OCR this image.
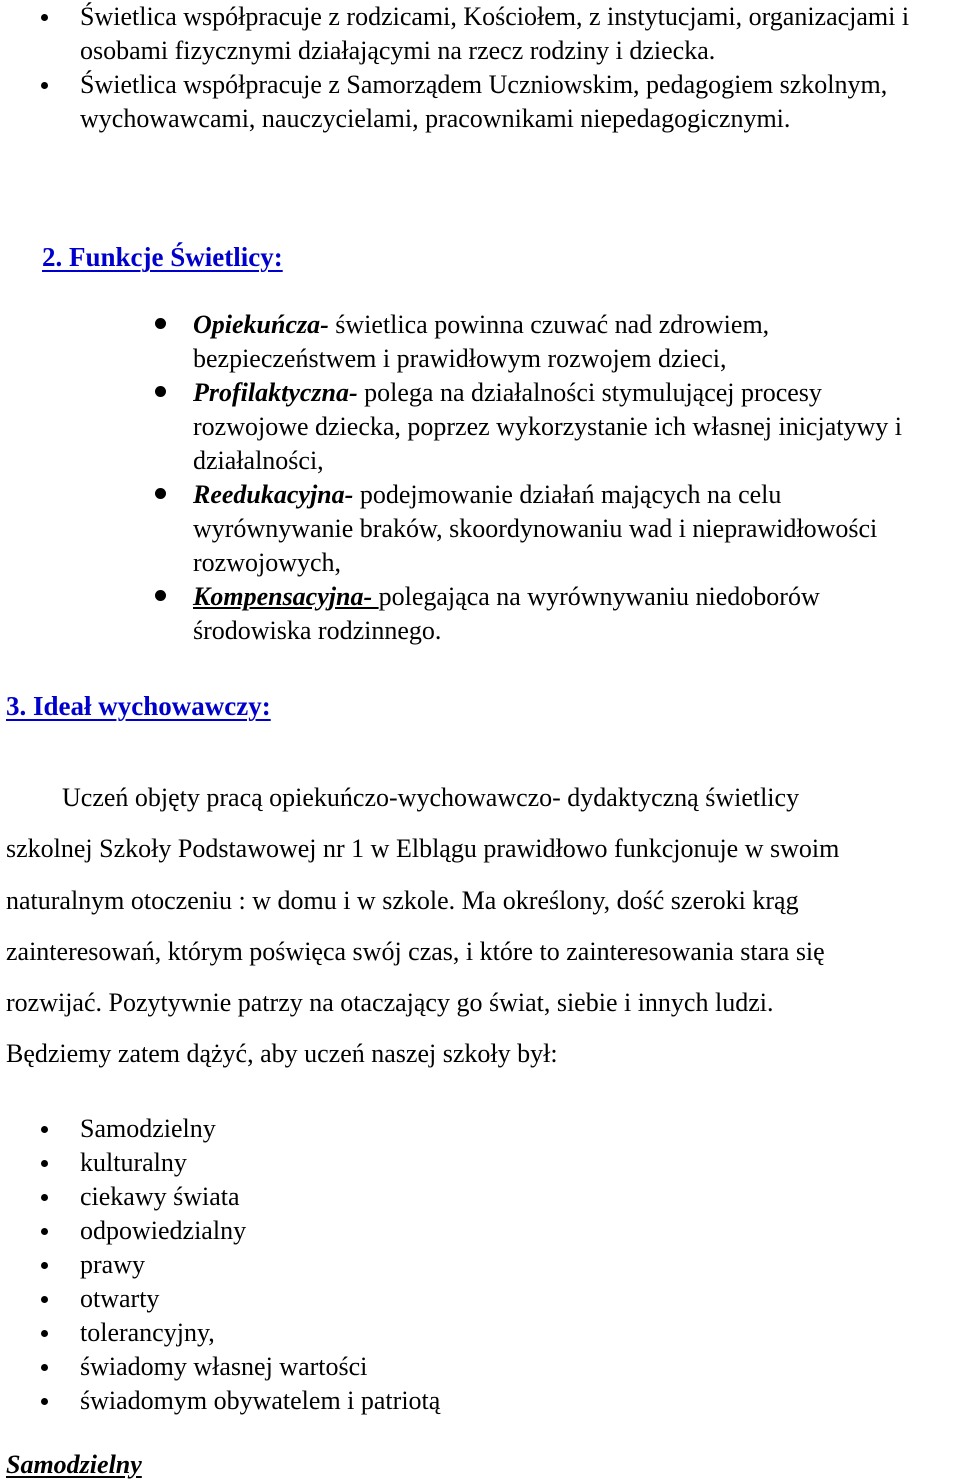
Świetlica współpracuje z rodzicami, Kościołem, z instytucjami, organizacjami i osobami fizycznymi działającymi na rzecz rodziny i dziecka.
Świetlica współpracuje z Samorządem Uczniowskim, pedagogiem szkolnym, wychowawcami, nauczycielami, pracownikami niepedagogicznymi.
2. Funkcje Świetlicy:
Opiekuńcza- świetlica powinna czuwać nad zdrowiem, bezpieczeństwem i prawidłowym rozwojem dzieci,
Profilaktyczna- polega na działalności stymulującej procesy rozwojowe dziecka, poprzez wykorzystanie ich własnej inicjatywy i działalności,
Reedukacyjna- podejmowanie działań mających na celu wyrównywanie braków, skoordynowaniu wad i nieprawidłowości rozwojowych,
Kompensacyjna- polegająca na wyrównywaniu niedoborów środowiska rodzinnego.
3. Ideał wychowawczy:
Uczeń objęty pracą opiekuńczo-wychowawczo- dydaktyczną świetlicy
szkolnej Szkoły Podstawowej nr 1 w Elblągu prawidłowo funkcjonuje w swoim
naturalnym otoczeniu : w domu i w szkole. Ma określony, dość szeroki krąg
zainteresowań, którym poświęca swój czas, i które to zainteresowania stara się
rozwijać. Pozytywnie patrzy na otaczający go świat, siebie i innych ludzi.
Będziemy zatem dążyć, aby uczeń naszej szkoły był:
Samodzielny
kulturalny
ciekawy świata
odpowiedzialny
prawy
otwarty
tolerancyjny,
świadomy własnej wartości
świadomym obywatelem i patriotą
Samodzielny
